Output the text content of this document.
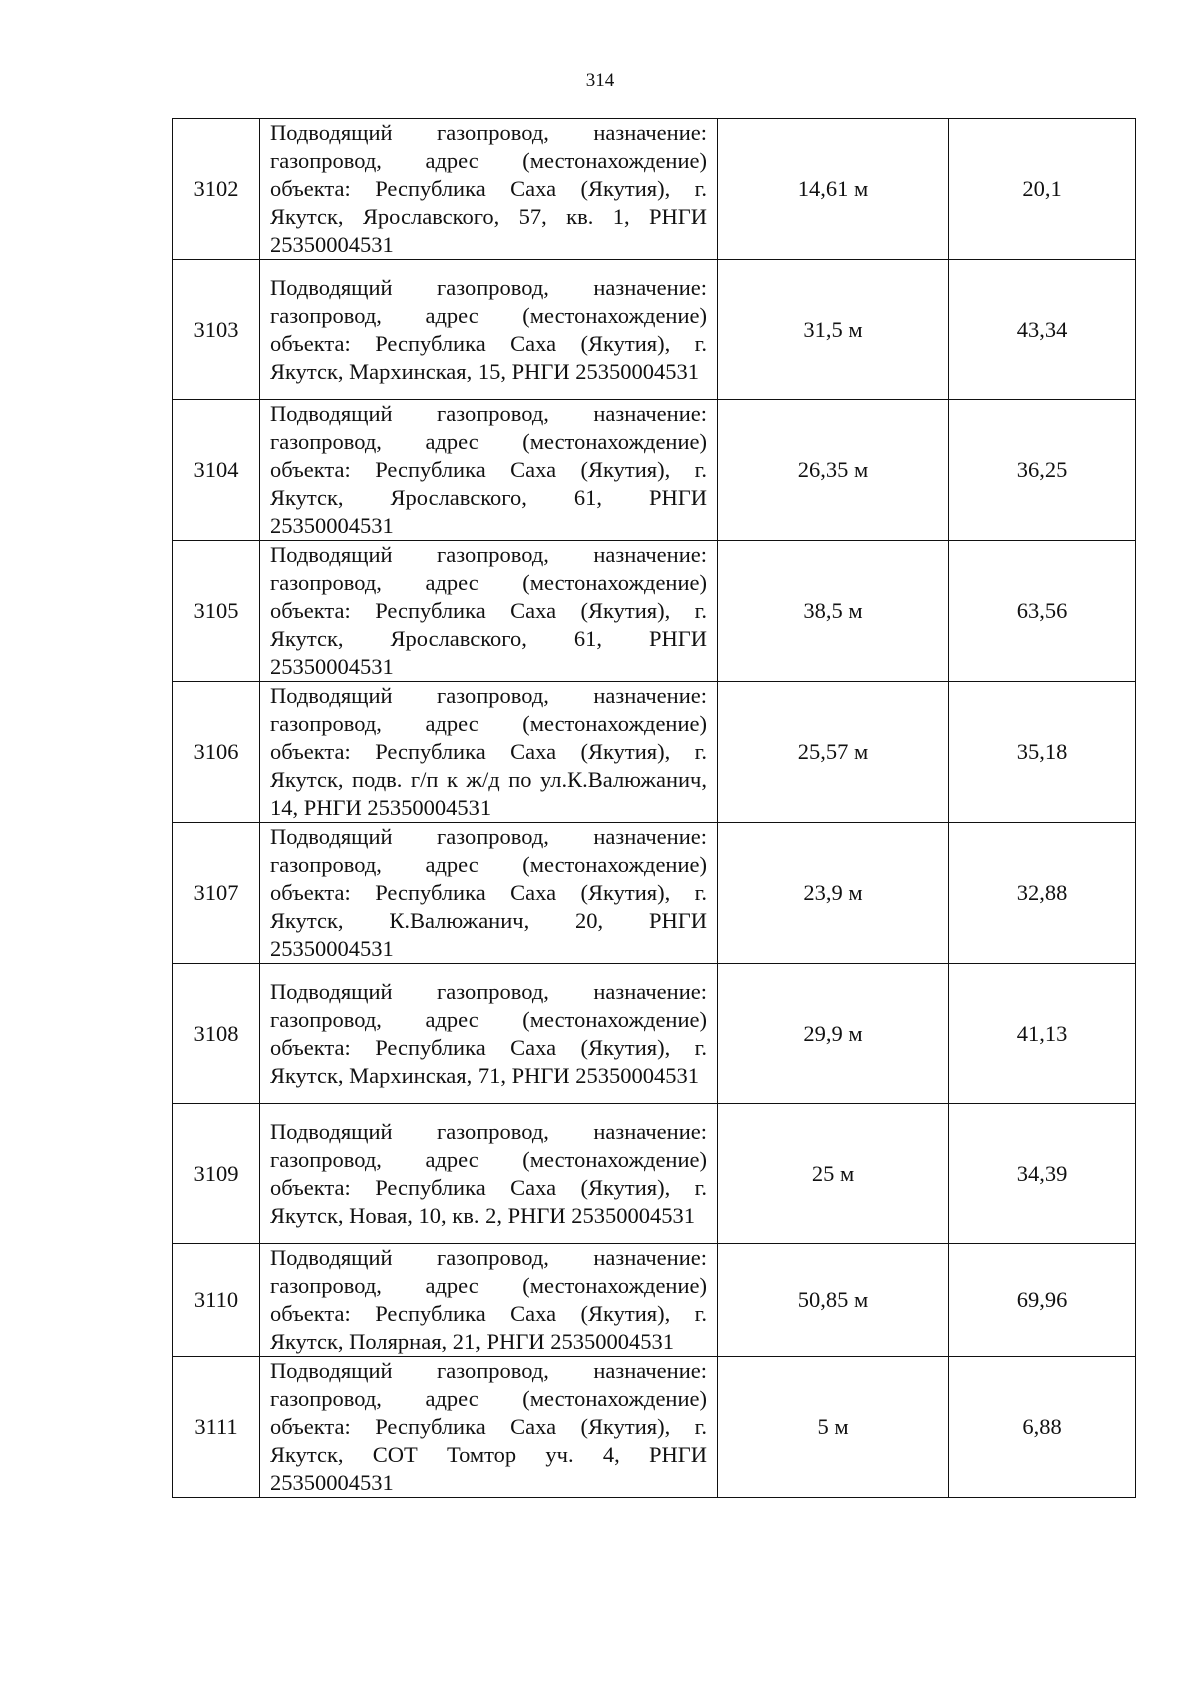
314
3102	Подводящий газопровод, назначение: газопровод, адрес (местонахождение) объекта: Республика Саха (Якутия), г. Якутск, Ярославского, 57, кв. 1, РНГИ 25350004531	14,61 м	20,1
3103	Подводящий газопровод, назначение: газопровод, адрес (местонахождение) объекта: Республика Саха (Якутия), г. Якутск, Мархинская, 15, РНГИ 25350004531	31,5 м	43,34
3104	Подводящий газопровод, назначение: газопровод, адрес (местонахождение) объекта: Республика Саха (Якутия), г. Якутск, Ярославского, 61, РНГИ 25350004531	26,35 м	36,25
3105	Подводящий газопровод, назначение: газопровод, адрес (местонахождение) объекта: Республика Саха (Якутия), г. Якутск, Ярославского, 61, РНГИ 25350004531	38,5 м	63,56
3106	Подводящий газопровод, назначение: газопровод, адрес (местонахождение) объекта: Республика Саха (Якутия), г. Якутск, подв. г/п к ж/д по ул.К.Валюжанич, 14, РНГИ 25350004531	25,57 м	35,18
3107	Подводящий газопровод, назначение: газопровод, адрес (местонахождение) объекта: Республика Саха (Якутия), г. Якутск, К.Валюжанич, 20, РНГИ 25350004531	23,9 м	32,88
3108	Подводящий газопровод, назначение: газопровод, адрес (местонахождение) объекта: Республика Саха (Якутия), г. Якутск, Мархинская, 71, РНГИ 25350004531	29,9 м	41,13
3109	Подводящий газопровод, назначение: газопровод, адрес (местонахождение) объекта: Республика Саха (Якутия), г. Якутск, Новая, 10, кв. 2, РНГИ 25350004531	25 м	34,39
3110	Подводящий газопровод, назначение: газопровод, адрес (местонахождение) объекта: Республика Саха (Якутия), г. Якутск, Полярная, 21, РНГИ 25350004531	50,85 м	69,96
3111	Подводящий газопровод, назначение: газопровод, адрес (местонахождение) объекта: Республика Саха (Якутия), г. Якутск, СОТ Томтор уч. 4, РНГИ 25350004531	5 м	6,88
